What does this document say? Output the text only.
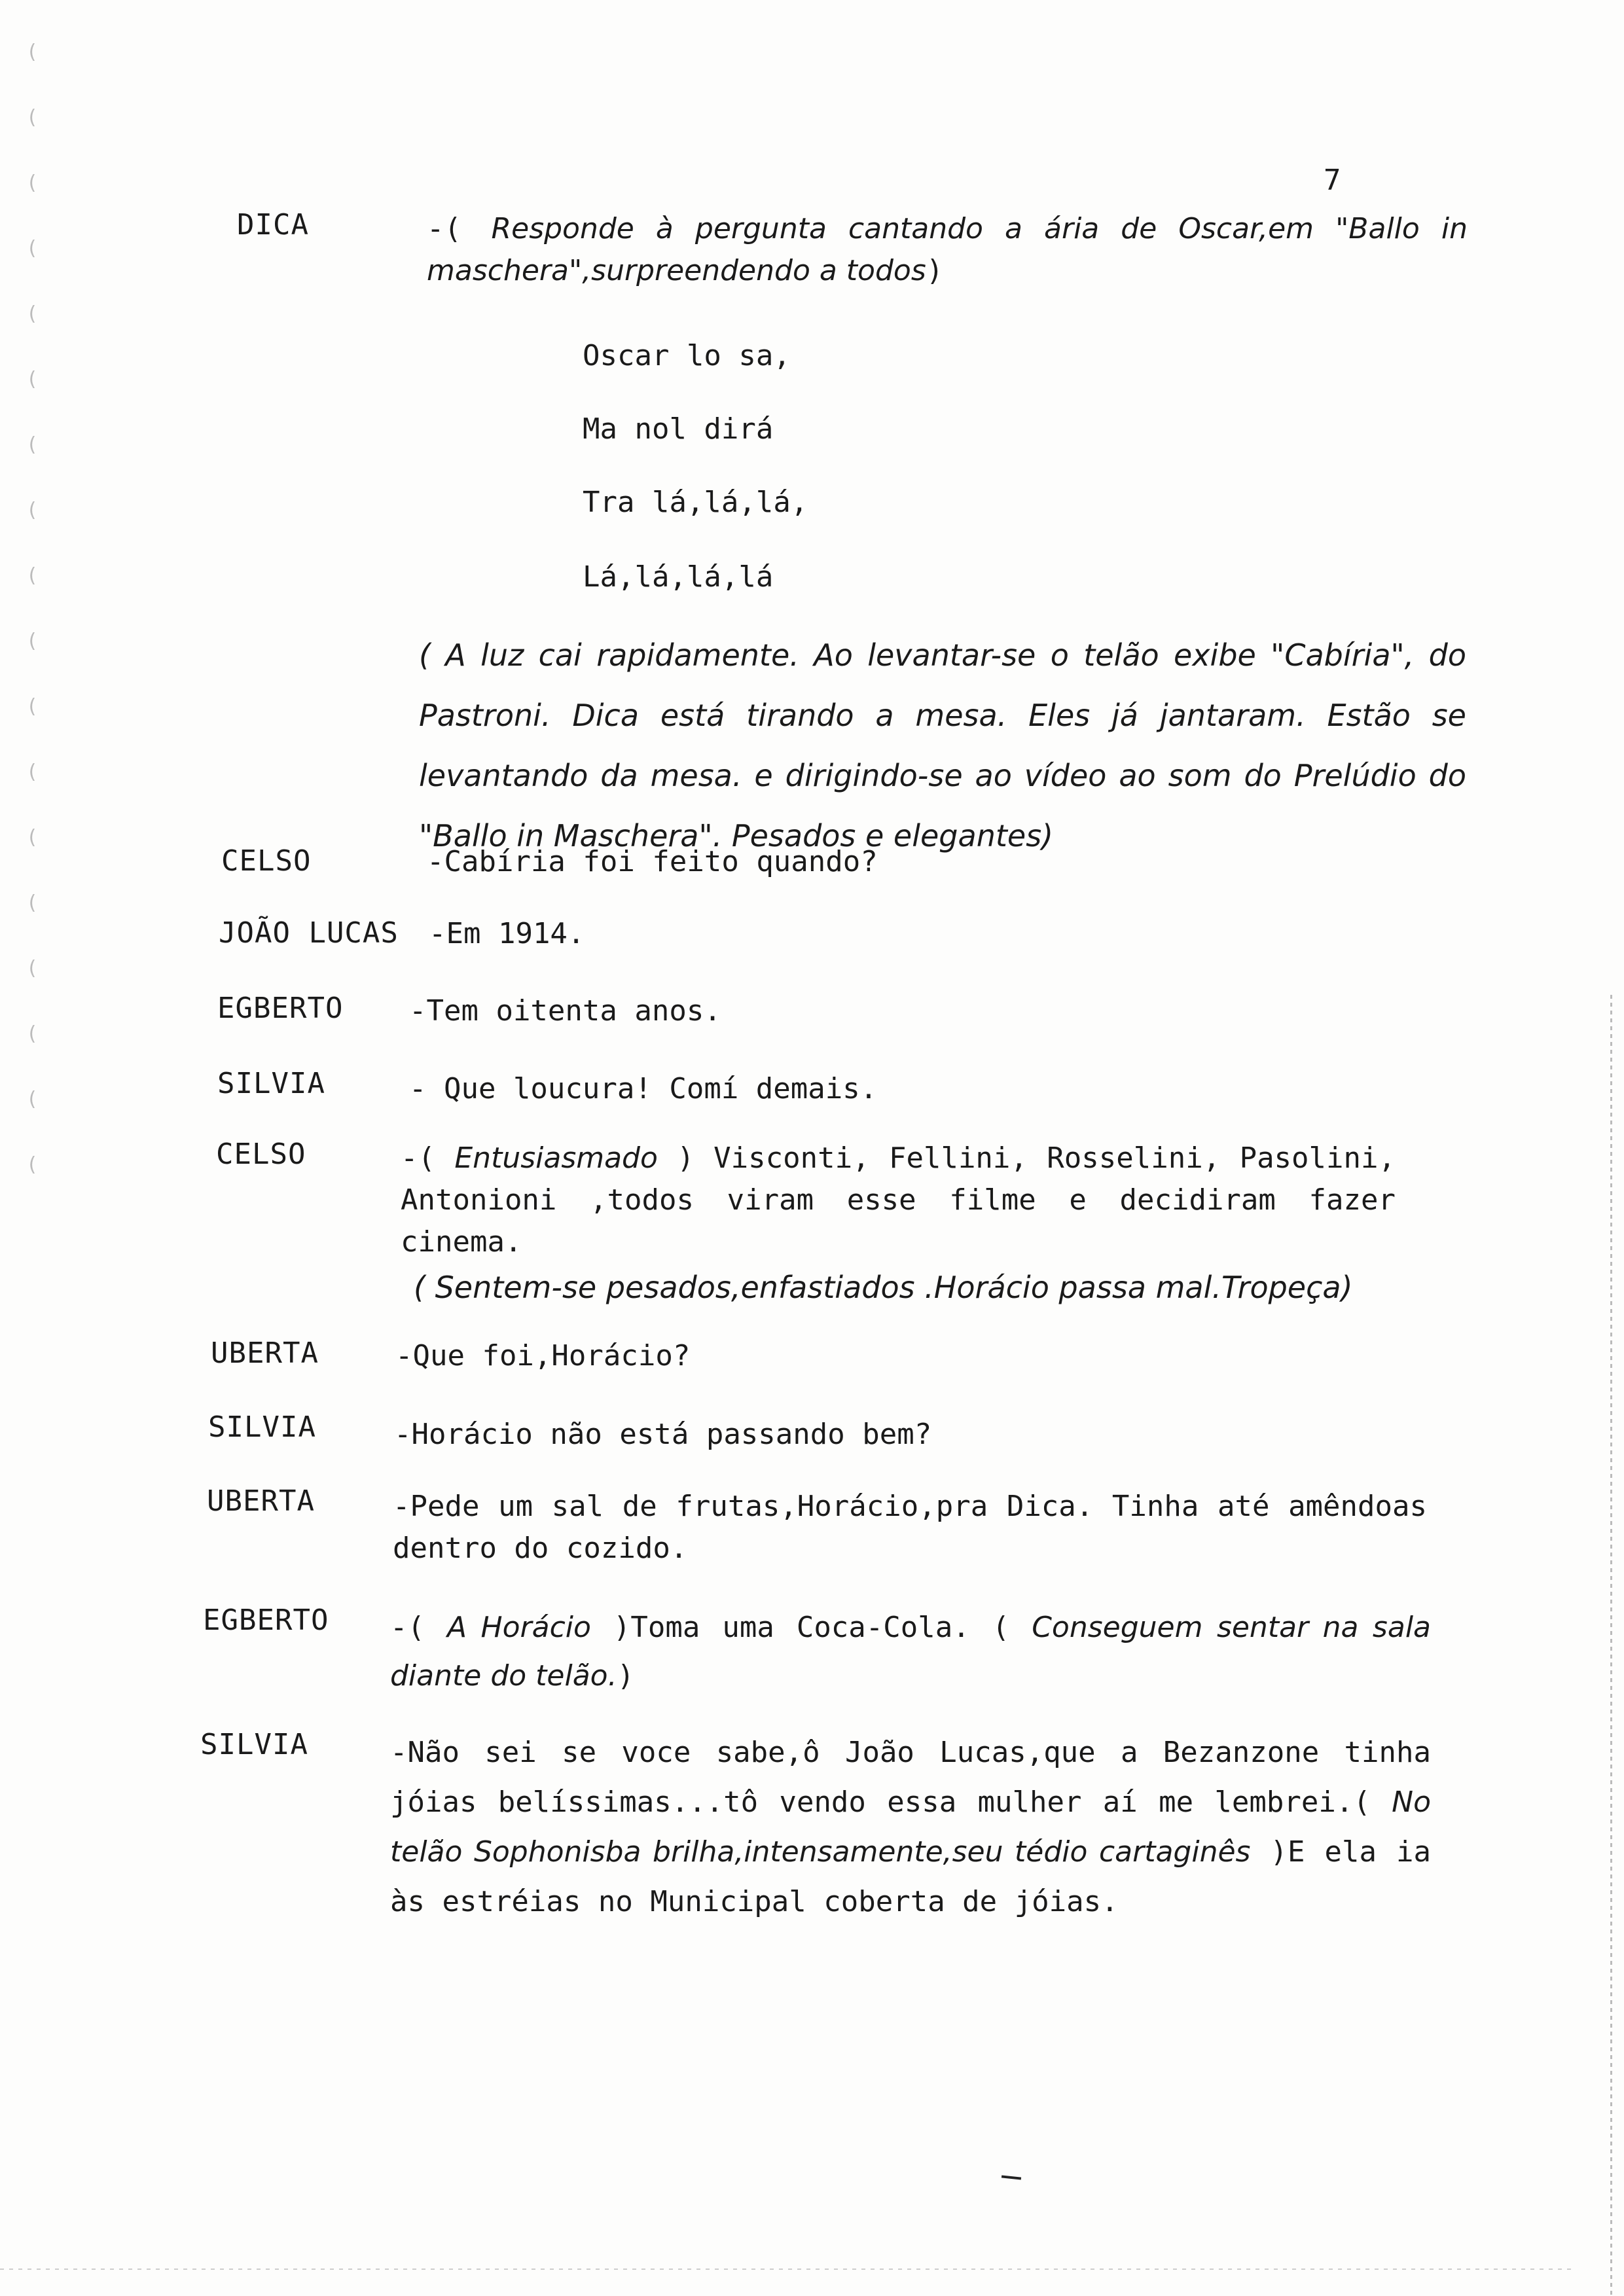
(
(
(
(
(
(
(
(
(
(
(
(
(
(
(
(
(
(
7
DICA	-( Responde à pergunta cantando a ária de Oscar,em "Ballo in maschera",surpreendendo a todos)
Oscar lo sa,
Ma nol dirá
Tra lá,lá,lá,
Lá,lá,lá,lá
( A luz cai rapidamente. Ao levantar-se o telão exibe "Cabíria", do Pastroni. Dica está tirando a mesa. Eles já jantaram. Estão se levantando da mesa. e dirigindo-se ao vídeo ao som do Prelúdio do "Ballo in Maschera". Pesados e elegantes)
CELSO	-Cabíria foi feito quando?
JOÃO LUCAS -Em 1914.
EGBERTO -Tem oitenta anos.
SILVIA	- Que loucura! Comí demais.
CELSO	-( Entusiasmado ) Visconti, Fellini, Rosselini, Pasolini, Antonioni ,todos viram esse filme e decidiram fazer cinema.
( Sentem-se pesados,enfastiados .Horácio passa mal.Tropeça)
UBERTA	-Que foi,Horácio?
SILVIA	-Horácio não está passando bem?
UBERTA	-Pede um sal de frutas,Horácio,pra Dica. Tinha até amêndoas dentro do cozido.
EGBERTO -( A Horácio )Toma uma Coca-Cola. ( Conseguem sentar na sala diante do telão.)
SILVIA	-Não sei se voce sabe,ô João Lucas,que a Bezanzone tinha jóias belíssimas...tô vendo essa mulher aí me lembrei.( No telão Sophonisba brilha,intensamente,seu tédio cartaginês )E ela ia às estréias no Municipal coberta de jóias.
